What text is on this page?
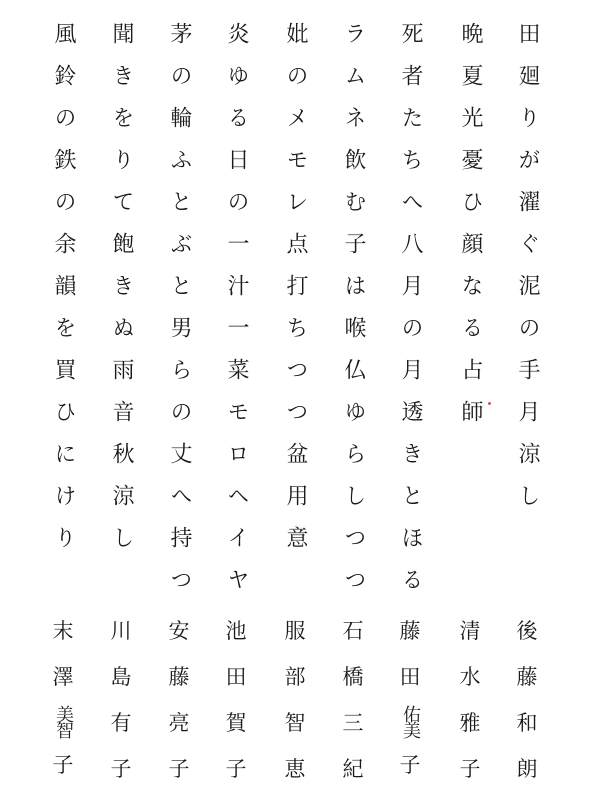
田廻りが濯ぐ泥の手月涼し
晩夏光憂ひ顔なる占師
死者たちへ八月の月透きとほる
ラムネ飲む子は喉仏ゆらしつつ
妣のメモレ点打ちつつ盆用意
炎ゆる日の一汁一菜モロヘイヤ
茅の輪ふとぶと男らの丈へ持つ
聞きをりて飽きぬ雨音秋涼し
風鈴の鉄の余韻を買ひにけり
後
藤
和
朗
清
水
雅
子
藤
田
佑美
子
石
橋
三
紀
服
部
智
恵
池
田
賀
子
安
藤
亮
子
川
島
有
子
末
澤
美智
子
